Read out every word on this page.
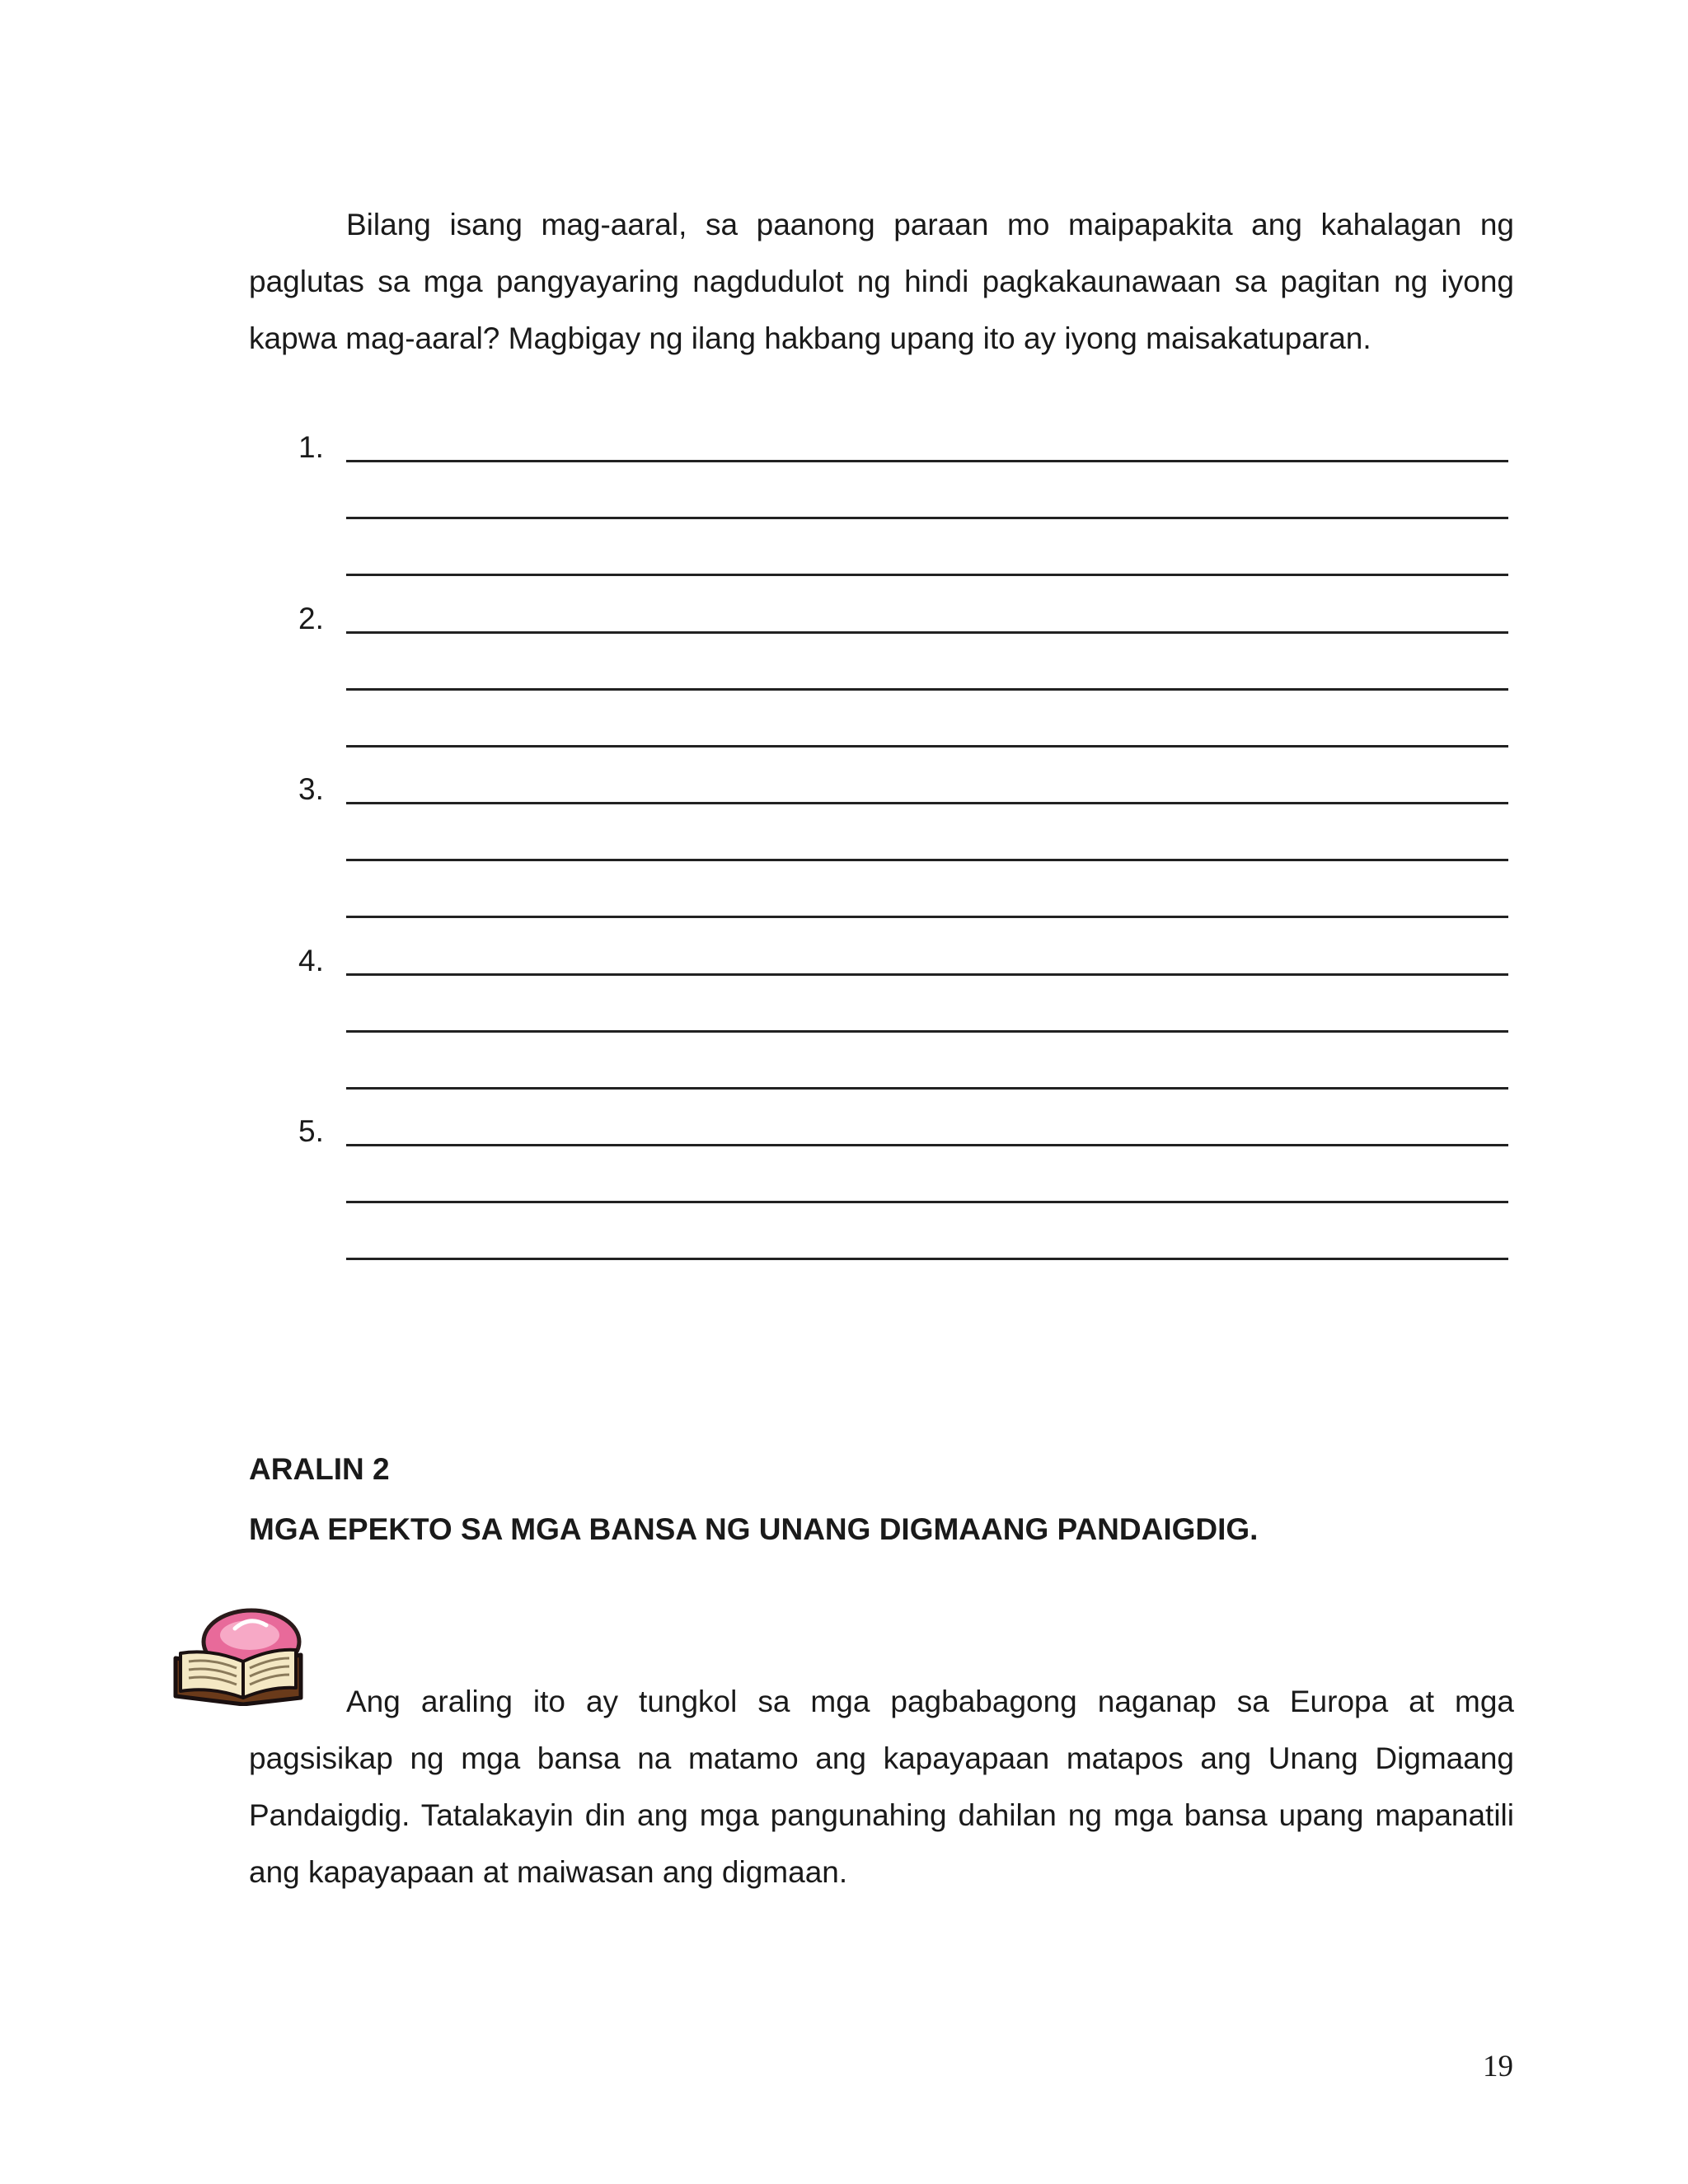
Bilang isang mag-aaral, sa paanong paraan mo maipapakita ang kahalagan ng paglutas sa mga pangyayaring nagdudulot ng hindi pagkakaunawaan sa pagitan ng iyong kapwa mag-aaral? Magbigay ng ilang hakbang upang ito ay iyong maisakatuparan.

1.
2.
3.
4.
5.
ARALIN 2
MGA EPEKTO SA MGA BANSA NG UNANG DIGMAANG PANDAIGDIG.

Ang araling ito ay tungkol sa mga pagbabagong naganap sa Europa at mga pagsisikap ng mga bansa na matamo ang kapayapaan matapos ang Unang Digmaang Pandaigdig. Tatalakayin din ang mga pangunahing dahilan ng mga bansa upang mapanatili ang kapayapaan at maiwasan ang digmaan.

19
